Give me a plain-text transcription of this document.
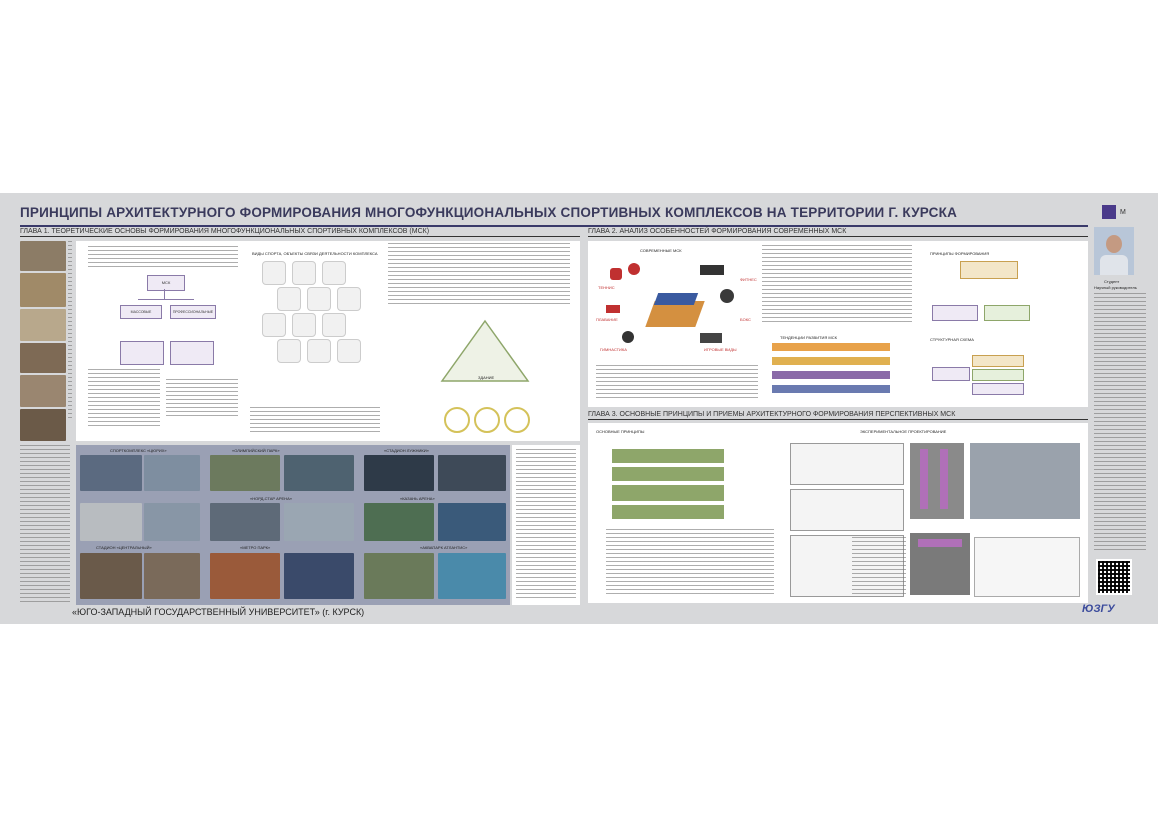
ПРИНЦИПЫ АРХИТЕКТУРНОГО ФОРМИРОВАНИЯ МНОГОФУНКЦИОНАЛЬНЫХ СПОРТИВНЫХ КОМПЛЕКСОВ НА ТЕРРИТОРИИ Г. КУРСКА	М
ГЛАВА 1. ТЕОРЕТИЧЕСКИЕ ОСНОВЫ ФОРМИРОВАНИЯ МНОГОФУНКЦИОНАЛЬНЫХ СПОРТИВНЫХ КОМПЛЕКСОВ (МСК)
МСК
МАССОВЫЕ	ПРОФЕССИОНАЛЬНЫЕ
ВИДЫ СПОРТА, ОБЪЕКТЫ СВЯЗИ ДЕЯТЕЛЬНОСТИ КОМПЛЕКСА
ЗДАНИЕ
СПОРТКОМПЛЕКС «ЦЮРИХ»	«ОЛИМПИЙСКИЙ ПАРК»	«СТАДИОН ЛУЖНИКИ»
«НОРД-СТАР АРЕНА»	«КАЗАНЬ АРЕНА»
СТАДИОН «ЦЕНТРАЛЬНЫЙ»	«МЕТРО ПАРК»	«АКВАПАРК АТЛАНТИС»
ГЛАВА 2. АНАЛИЗ ОСОБЕННОСТЕЙ ФОРМИРОВАНИЯ СОВРЕМЕННЫХ МСК
СОВРЕМЕННЫЕ МСК
ТЕННИС
ФИТНЕС
ПЛАВАНИЕ	БОКС
ГИМНАСТИКА	ИГРОВЫЕ ВИДЫ
ТЕНДЕНЦИИ РАЗВИТИЯ МСК
ПРИНЦИПЫ ФОРМИРОВАНИЯ
СТРУКТУРНАЯ СХЕМА
ГЛАВА 3. ОСНОВНЫЕ ПРИНЦИПЫ И ПРИЕМЫ АРХИТЕКТУРНОГО ФОРМИРОВАНИЯ ПЕРСПЕКТИВНЫХ МСК
ОСНОВНЫЕ ПРИНЦИПЫ	ЭКСПЕРИМЕНТАЛЬНОЕ ПРОЕКТИРОВАНИЕ
Студент
Научный руководитель
«ЮГО-ЗАПАДНЫЙ ГОСУДАРСТВЕННЫЙ УНИВЕРСИТЕТ» (г. КУРСК)	ЮЗГУ
